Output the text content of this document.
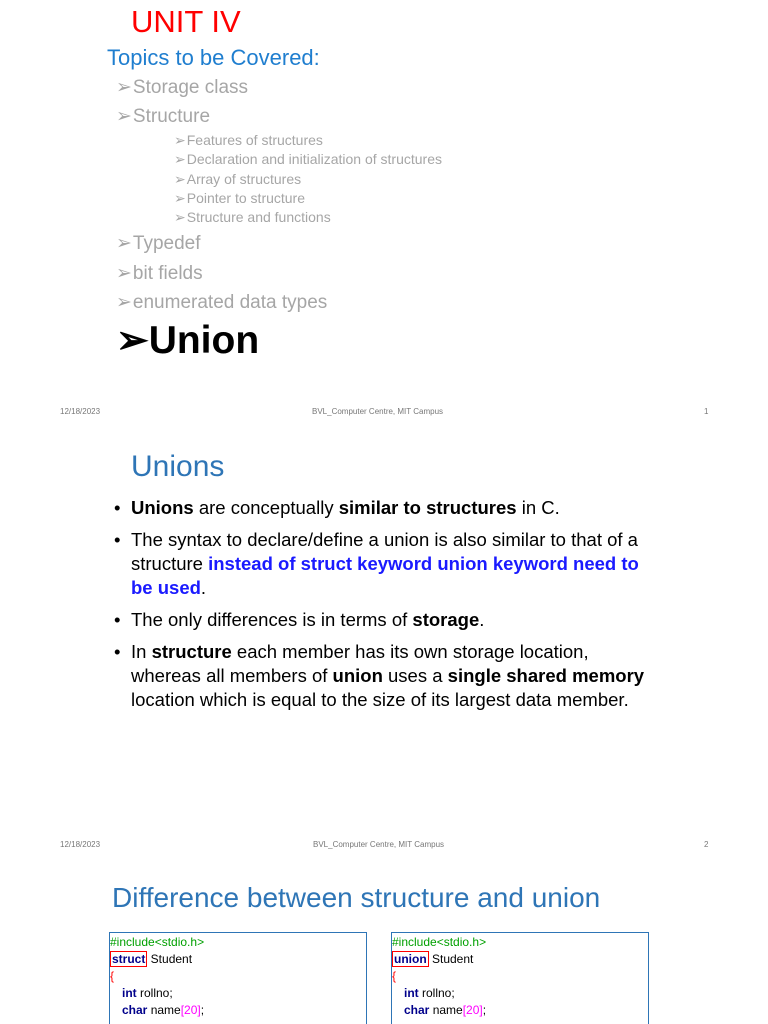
UNIT IV
Topics to be Covered:
➢Storage class
➢Structure
➢Features of structures
➢Declaration and initialization of structures
➢Array of structures
➢Pointer to structure
➢Structure and functions
➢Typedef
➢bit fields
➢enumerated data types
➢Union
12/18/2023	BVL_Computer Centre, MIT Campus	1
Unions
• Unions are conceptually similar to structures in C.
• The syntax to declare/define a union is also similar to that of a structure instead of struct keyword union keyword need to be used.
• The only differences is in terms of storage.
• In structure each member has its own storage location, whereas all members of union uses a single shared memory location which is equal to the size of its largest data member.
12/18/2023	BVL_Computer Centre, MIT Campus	2
Difference between structure and union
#include<stdio.h>
struct Student
{
int rollno;
char name[20];
#include<stdio.h>
union Student
{
int rollno;
char name[20];
